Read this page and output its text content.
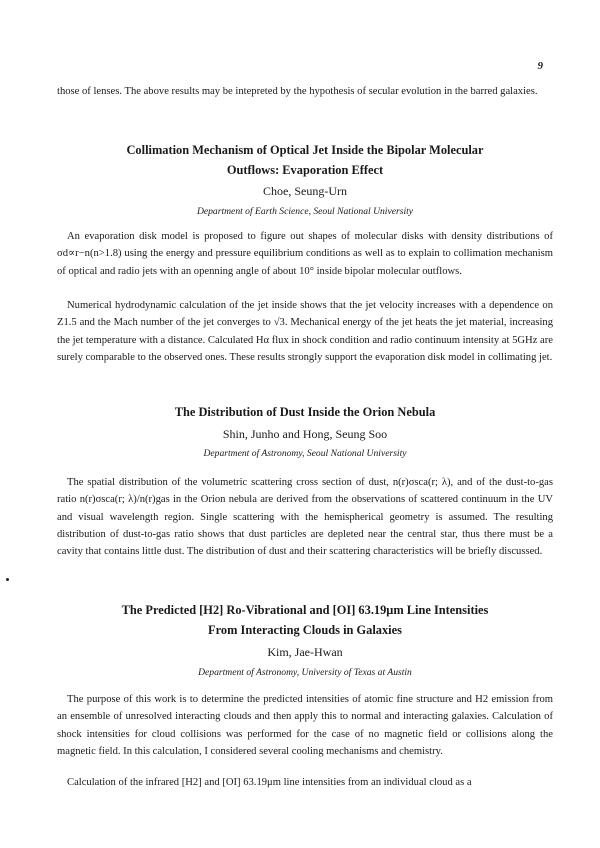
9

those of lenses. The above results may be intepreted by the hypothesis of secular evolution in the barred galaxies.

Collimation Mechanism of Optical Jet Inside the Bipolar Molecular

Outflows: Evaporation Effect

Choe, Seung-Urn

Department of Earth Science, Seoul National University

An evaporation disk model is proposed to figure out shapes of molecular disks with density distributions of σd∝r−n(n>1.8) using the energy and pressure equilibrium conditions as well as to explain to collimation mechanism of optical and radio jets with an openning angle of about 10° inside bipolar molecular outflows.

Numerical hydrodynamic calculation of the jet inside shows that the jet velocity increases with a dependence on Z1.5 and the Mach number of the jet converges to √3. Mechanical energy of the jet heats the jet material, increasing the jet temperature with a distance. Calculated Hα flux in shock condition and radio continuum intensity at 5GHz are surely comparable to the observed ones. These results strongly support the evaporation disk model in collimating jet.

The Distribution of Dust Inside the Orion Nebula

Shin, Junho and Hong, Seung Soo

Department of Astronomy, Seoul National University

The spatial distribution of the volumetric scattering cross section of dust, n(r)σsca(r; λ), and of the dust-to-gas ratio n(r)σsca(r; λ)/n(r)gas in the Orion nebula are derived from the observations of scattered continuum in the UV and visual wavelength region. Single scattering with the hemispherical geometry is assumed. The resulting distribution of dust-to-gas ratio shows that dust particles are depleted near the central star, thus there must be a cavity that contains little dust. The distribution of dust and their scattering characteristics will be briefly discussed.

The Predicted [H2] Ro-Vibrational and [OI] 63.19μm Line Intensities

From Interacting Clouds in Galaxies

Kim, Jae-Hwan

Department of Astronomy, University of Texas at Austin

The purpose of this work is to determine the predicted intensities of atomic fine structure and H2 emission from an ensemble of unresolved interacting clouds and then apply this to normal and interacting galaxies. Calculation of shock intensities for cloud collisions was performed for the case of no magnetic field or collisions along the magnetic field. In this calculation, I considered several cooling mechanisms and chemistry.

Calculation of the infrared [H2] and [OI] 63.19μm line intensities from an individual cloud as a
